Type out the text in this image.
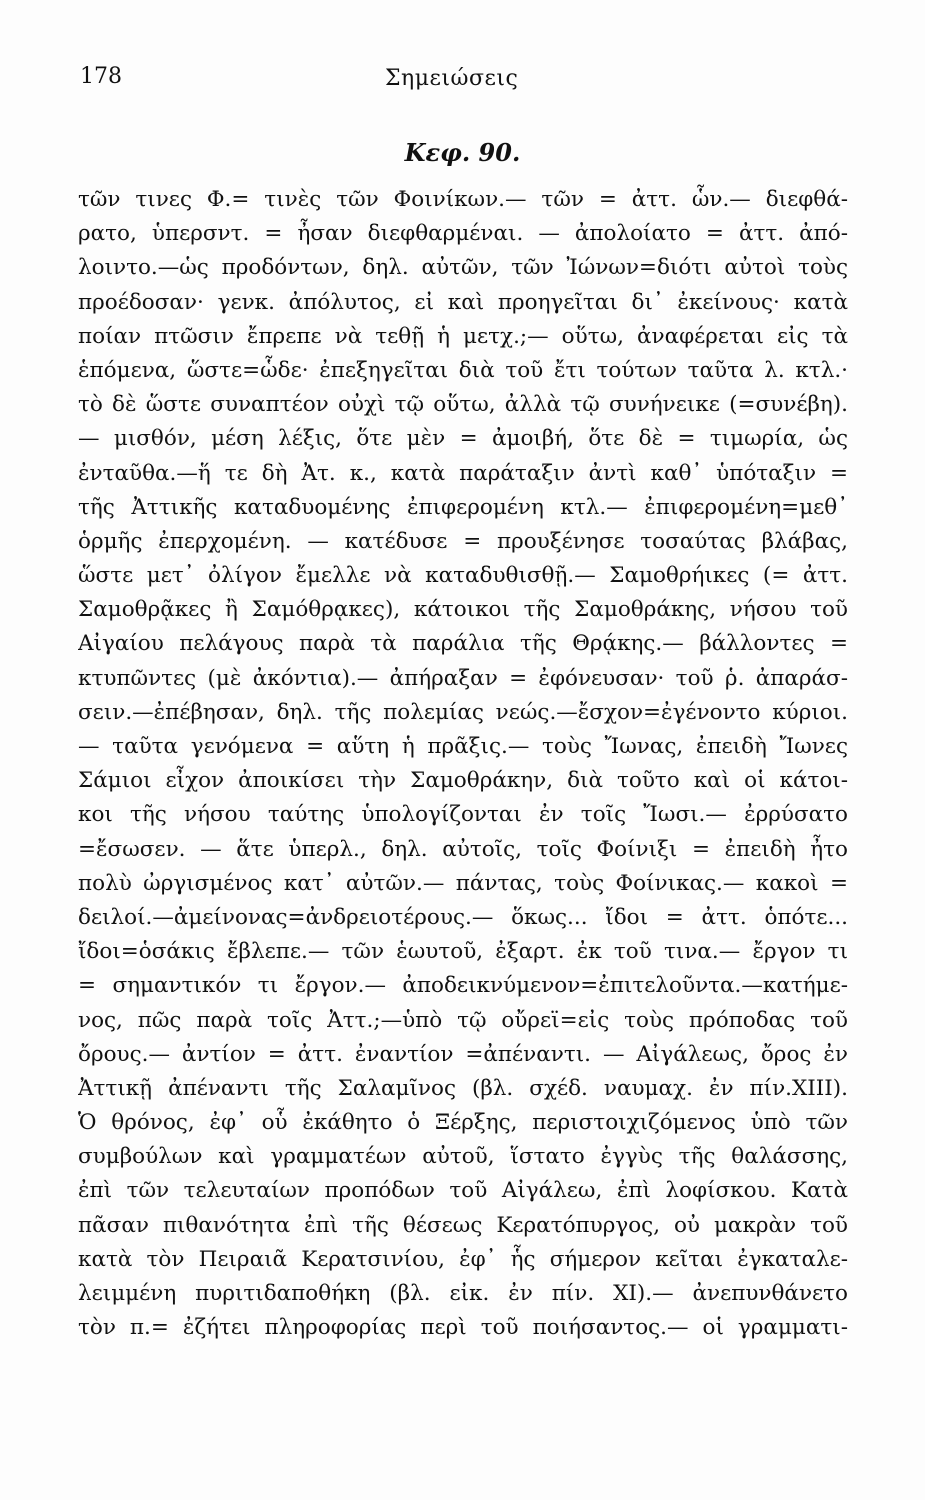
178	Σημειώσεις
Κεφ. 90.
τῶν τινες Φ.= τινὲς τῶν Φοινίκων.— τῶν = ἀττ. ὧν.— διεφθά-
ρατο, ὑπερσντ. = ἦσαν διεφθαρμέναι. — ἀπολοίατο = ἀττ. ἀπό-
λοιντο.—ὡς προδόντων, δηλ. αὐτῶν, τῶν Ἰώνων=διότι αὐτοὶ τοὺς
προέδοσαν· γενκ. ἀπόλυτος, εἰ καὶ προηγεῖται δι᾽ ἐκείνους· κατὰ
ποίαν πτῶσιν ἔπρεπε νὰ τεθῇ ἡ μετχ.;— οὕτω, ἀναφέρεται εἰς τὰ
ἑπόμενα, ὥστε=ὧδε· ἐπεξηγεῖται διὰ τοῦ ἔτι τούτων ταῦτα λ. κτλ.·
τὸ δὲ ὥστε συναπτέον οὐχὶ τῷ οὕτω, ἀλλὰ τῷ συνήνεικε (=συνέβη).
— μισθόν, μέση λέξις, ὅτε μὲν = ἀμοιβή, ὅτε δὲ = τιμωρία, ὡς
ἐνταῦθα.—ἥ τε δὴ Ἀτ. κ., κατὰ παράταξιν ἀντὶ καθ᾽ ὑπόταξιν =
τῆς Ἀττικῆς καταδυομένης ἐπιφερομένη κτλ.— ἐπιφερομένη=μεθ᾽
ὁρμῆς ἐπερχομένη. — κατέδυσε = προυξένησε τοσαύτας βλάβας,
ὥστε μετ᾽ ὀλίγον ἔμελλε νὰ καταδυθισθῇ.— Σαμοθρήικες (= ἀττ.
Σαμοθρᾷκες ἢ Σαμόθρᾳκες), κάτοικοι τῆς Σαμοθράκης, νήσου τοῦ
Αἰγαίου πελάγους παρὰ τὰ παράλια τῆς Θρᾴκης.— βάλλοντες =
κτυπῶντες (μὲ ἀκόντια).— ἀπήραξαν = ἐφόνευσαν· τοῦ ῥ. ἀπαράσ-
σειν.—ἐπέβησαν, δηλ. τῆς πολεμίας νεώς.—ἔσχον=ἐγένοντο κύριοι.
— ταῦτα γενόμενα = αὕτη ἡ πρᾶξις.— τοὺς Ἴωνας, ἐπειδὴ Ἴωνες
Σάμιοι εἶχον ἀποικίσει τὴν Σαμοθράκην, διὰ τοῦτο καὶ οἱ κάτοι-
κοι τῆς νήσου ταύτης ὑπολογίζονται ἐν τοῖς Ἴωσι.— ἐρρύσατο
=ἔσωσεν. — ἅτε ὑπερλ., δηλ. αὐτοῖς, τοῖς Φοίνιξι = ἐπειδὴ ἦτο
πολὺ ὠργισμένος κατ᾽ αὐτῶν.— πάντας, τοὺς Φοίνικας.— κακοὶ =
δειλοί.—ἀμείνονας=ἀνδρειοτέρους.— ὅκως... ἴδοι = ἀττ. ὁπότε...
ἴδοι=ὁσάκις ἔβλεπε.— τῶν ἑωυτοῦ, ἐξαρτ. ἐκ τοῦ τινα.— ἔργον τι
= σημαντικόν τι ἔργον.— ἀποδεικνύμενον=ἐπιτελοῦντα.—κατήμε-
νος, πῶς παρὰ τοῖς Ἀττ.;—ὑπὸ τῷ οὔρεϊ=εἰς τοὺς πρόποδας τοῦ
ὄρους.— ἀντίον = ἀττ. ἐναντίον =ἀπέναντι. — Αἰγάλεως, ὄρος ἐν
Ἀττικῇ ἀπέναντι τῆς Σαλαμῖνος (βλ. σχέδ. ναυμαχ. ἐν πίν.XIII).
Ὁ θρόνος, ἐφ᾽ οὗ ἐκάθητο ὁ Ξέρξης, περιστοιχιζόμενος ὑπὸ τῶν
συμβούλων καὶ γραμματέων αὐτοῦ, ἵστατο ἐγγὺς τῆς θαλάσσης,
ἐπὶ τῶν τελευταίων προπόδων τοῦ Αἰγάλεω, ἐπὶ λοφίσκου. Κατὰ
πᾶσαν πιθανότητα ἐπὶ τῆς θέσεως Κερατόπυργος, οὐ μακρὰν τοῦ
κατὰ τὸν Πειραιᾶ Κερατσινίου, ἐφ᾽ ἧς σήμερον κεῖται ἐγκαταλε-
λειμμένη πυριτιδαποθήκη (βλ. εἰκ. ἐν πίν. XI).— ἀνεπυνθάνετο
τὸν π.= ἐζήτει πληροφορίας περὶ τοῦ ποιήσαντος.— οἱ γραμματι-
